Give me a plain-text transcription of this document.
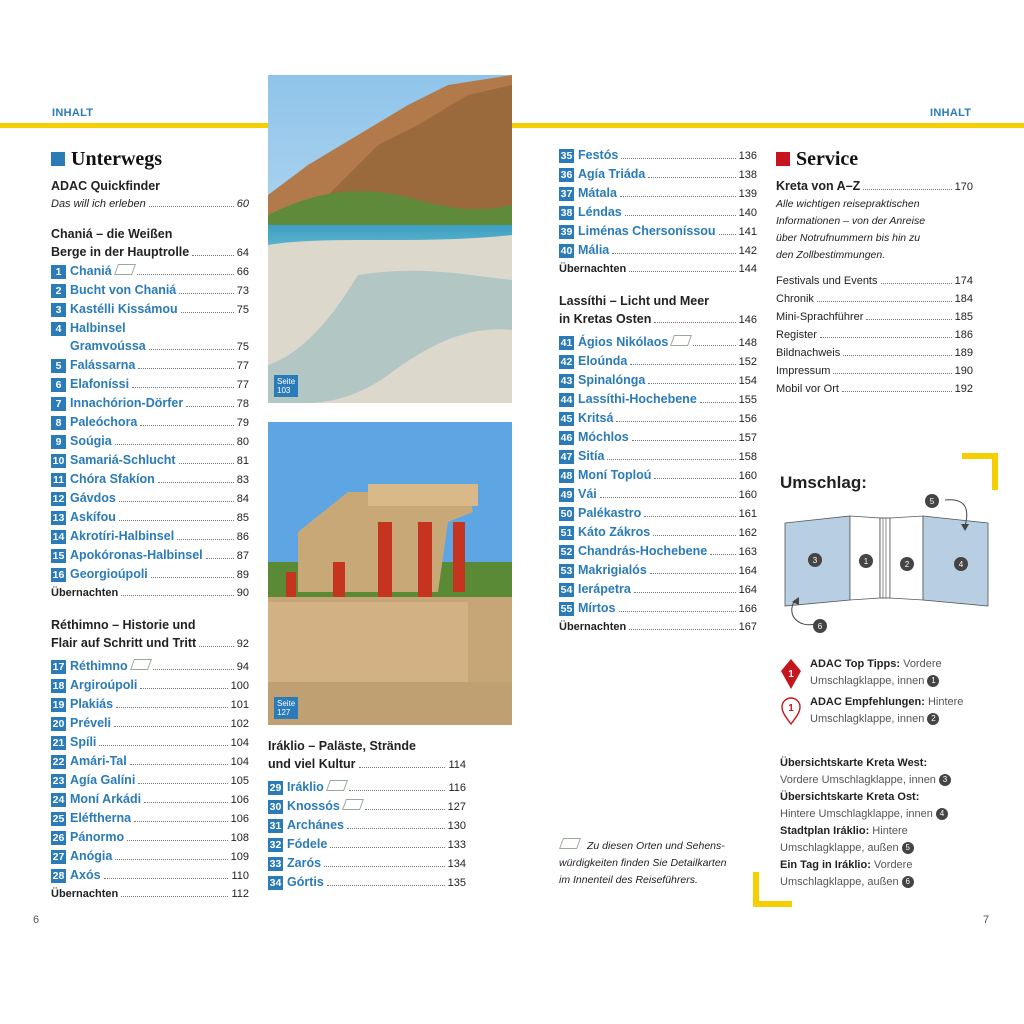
INHALT	INHALT
Unterwegs
ADAC Quickfinder
Das will ich erleben	60
Chaniá – die Weißen
Berge in der Hauptrolle	64
1 Chaniá	66
2 Bucht von Chaniá	73
3 Kastélli Kissámou	75
4 Halbinsel
Gramvoússa	75
5 Falássarna	77
6 Elafoníssi	77
7 Innachórion-Dörfer	78
8 Paleóchora	79
9 Soúgia	80
10 Samariá-Schlucht	81
11 Chóra Sfakíon	83
12 Gávdos	84
13 Askífou	85
14 Akrotíri-Halbinsel	86
15 Apokóronas-Halbinsel	87
16 Georgioúpoli	89
Übernachten	90
Réthimno – Historie und
Flair auf Schritt und Tritt	92
17 Réthimno	94
18 Argiroúpoli	100
19 Plakiás	101
20 Préveli	102
21 Spíli	104
22 Amári-Tal	104
23 Agía Galíni	105
24 Moní Arkádi	106
25 Eléftherna	106
26 Pánormo	108
27 Anógia	109
28 Axós	110
Übernachten	112
Seite
103
Seite
127
Iráklio – Paläste, Strände
und viel Kultur	114
29 Iráklio	116
30 Knossós	127
31 Archánes	130
32 Fódele	133
33 Zarós	134
34 Górtis	135
35 Festós	136
36 Agía Triáda	138
37 Mátala	139
38 Léndas	140
39 Liménas Chersoníssou 141
40 Mália	142
Übernachten	144
Lassíthi – Licht und Meer
in Kretas Osten	146
41 Ágios Nikólaos	148
42 Eloúnda	152
43 Spinalónga	154
44 Lassíthi-Hochebene	155
45 Kritsá	156
46 Móchlos	157
47 Sitía	158
48 Moní Toploú	160
49 Vái	160
50 Palékastro	161
51 Káto Zákros	162
52 Chandrás-Hochebene	163
53 Makrigialós	164
54 Ierápetra	164
55 Mírtos	166
Übernachten	167
Zu diesen Orten und Sehens-
würdigkeiten finden Sie Detailkarten
im Innenteil des Reiseführers.
Service
Kreta von A–Z	170
Alle wichtigen reisepraktischen
Informationen – von der Anreise
über Notrufnummern bis hin zu
den Zollbestimmungen.
Festivals und Events	174
Chronik	184
Mini-Sprachführer	185
Register	186
Bildnachweis	189
Impressum	190
Mobil vor Ort	192
Umschlag:
1	2
3	4
5
6
1
ADAC Top Tipps: Vordere
Umschlagklappe, innen 1
1
ADAC Empfehlungen: Hintere
Umschlagklappe, innen 2
Übersichtskarte Kreta West:
Vordere Umschlagklappe, innen 3
Übersichtskarte Kreta Ost:
Hintere Umschlagklappe, innen 4
Stadtplan Iráklio: Hintere
Umschlagklappe, außen 5
Ein Tag in Iráklio: Vordere
Umschlagklappe, außen 6
6	7
